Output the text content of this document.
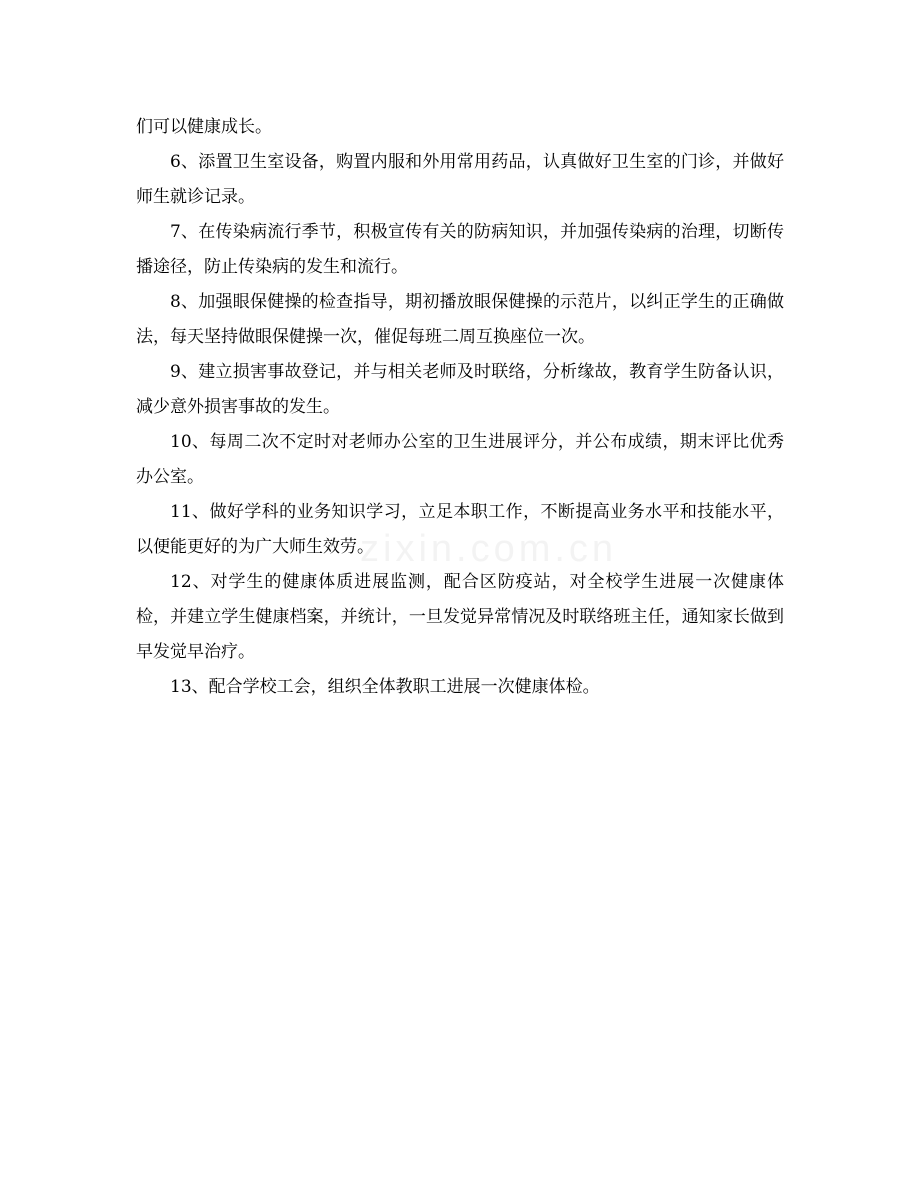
们可以健康成长。

6、添置卫生室设备，购置内服和外用常用药品，认真做好卫生室的门诊，并做好师生就诊记录。

7、在传染病流行季节，积极宣传有关的防病知识，并加强传染病的治理，切断传播途径，防止传染病的发生和流行。

8、加强眼保健操的检查指导，期初播放眼保健操的示范片，以纠正学生的正确做法，每天坚持做眼保健操一次，催促每班二周互换座位一次。

9、建立损害事故登记，并与相关老师及时联络，分析缘故，教育学生防备认识，减少意外损害事故的发生。

10、每周二次不定时对老师办公室的卫生进展评分，并公布成绩，期末评比优秀办公室。

11、做好学科的业务知识学习，立足本职工作，不断提高业务水平和技能水平，以便能更好的为广大师生效劳。

12、对学生的健康体质进展监测，配合区防疫站，对全校学生进展一次健康体检，并建立学生健康档案，并统计，一旦发觉异常情况及时联络班主任，通知家长做到早发觉早治疗。

13、配合学校工会，组织全体教职工进展一次健康体检。

zixin.com.cn
